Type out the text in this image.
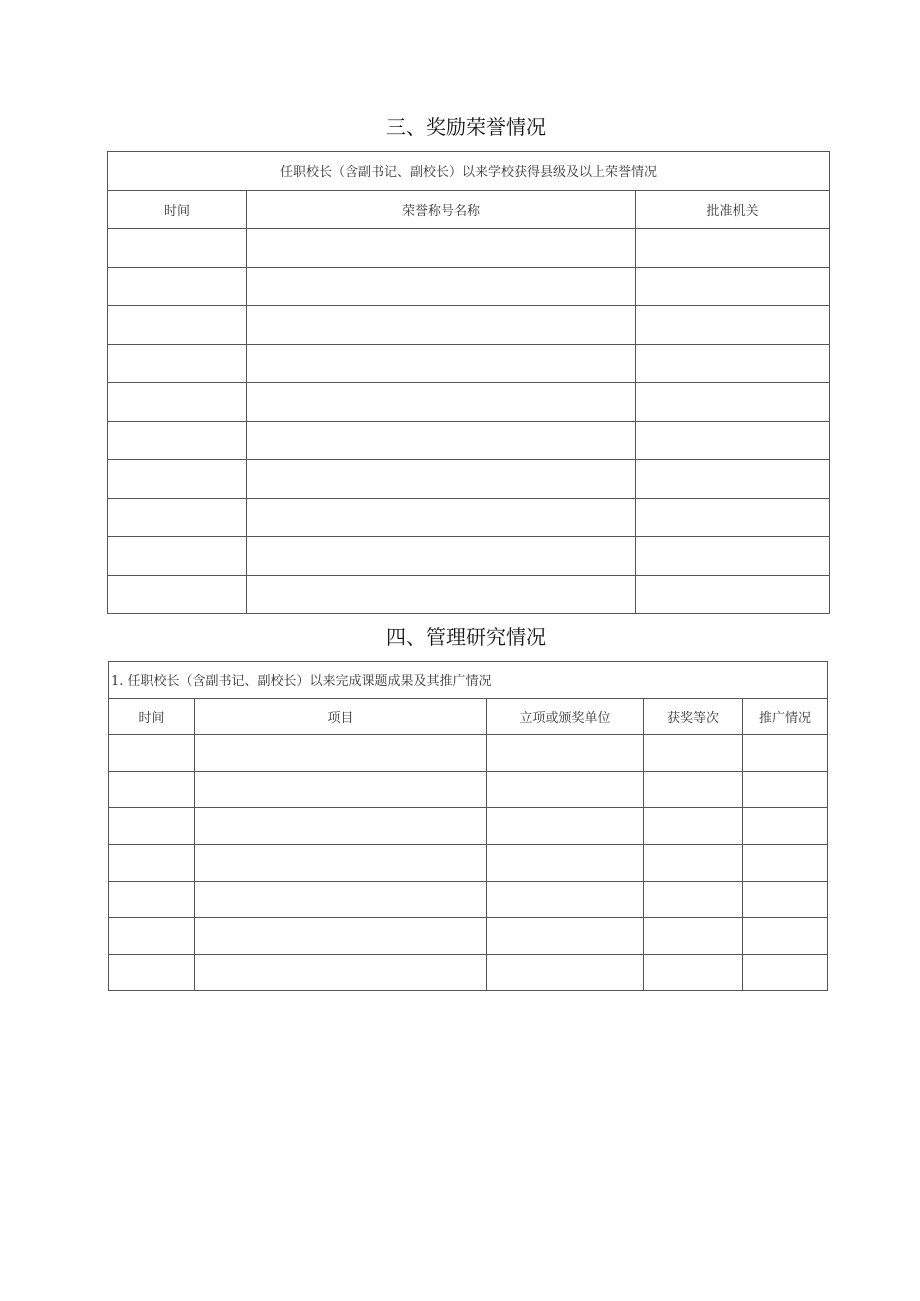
三、奖励荣誉情况
任职校长（含副书记、副校长）以来学校获得县级及以上荣誉情况		
时间	荣誉称号名称	批准机关

四、管理研究情况
1. 任职校长（含副书记、副校长）以来完成课题成果及其推广情况				
时间	项目	立项或颁奖单位	获奖等次	推广情况
